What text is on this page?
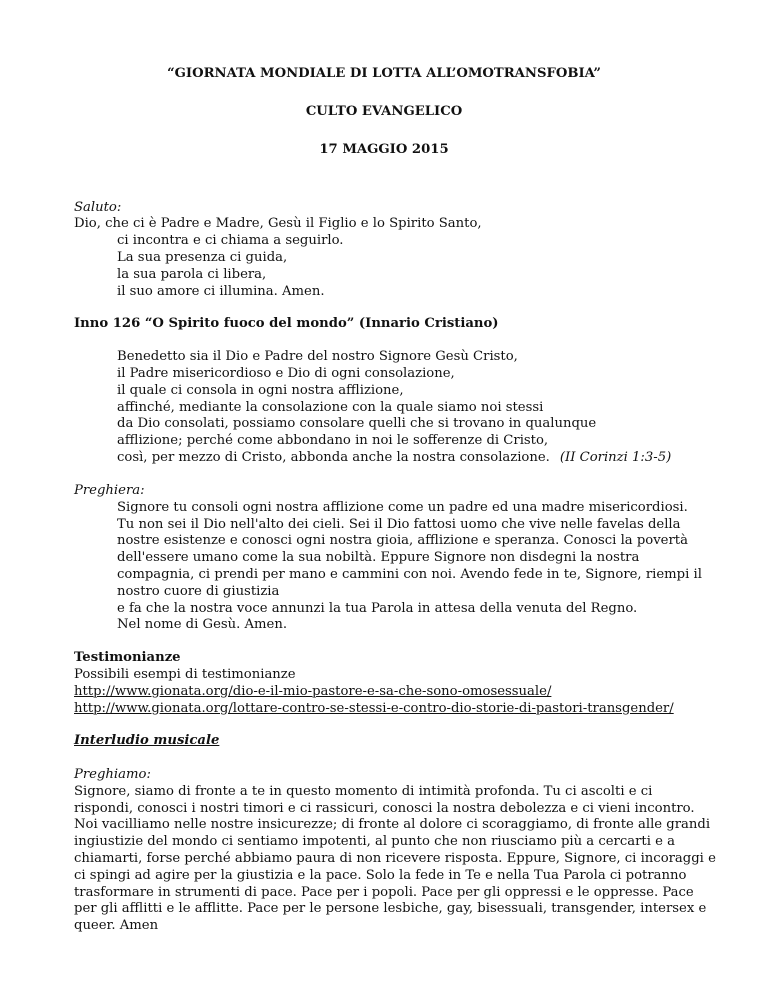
“GIORNATA MONDIALE DI LOTTA ALL’OMOTRANSFOBIA”
CULTO EVANGELICO
17 MAGGIO 2015
Saluto:
Dio, che ci è Padre e Madre, Gesù il Figlio e lo Spirito Santo,
ci incontra e ci chiama a seguirlo.
La sua presenza ci guida,
la sua parola ci libera,
il suo amore ci illumina. Amen.
Inno 126 “O Spirito fuoco del mondo” (Innario Cristiano)
Benedetto sia il Dio e Padre del nostro Signore Gesù Cristo,
il Padre misericordioso e Dio di ogni consolazione,
il quale ci consola in ogni nostra afflizione,
affinché, mediante la consolazione con la quale siamo noi stessi
da Dio consolati, possiamo consolare quelli che si trovano in qualunque
afflizione; perché come abbondano in noi le sofferenze di Cristo,
così, per mezzo di Cristo, abbonda anche la nostra consolazione. (II Corinzi 1:3-5)
Preghiera:
Signore tu consoli ogni nostra afflizione come un padre ed una madre misericordiosi.
Tu non sei il Dio nell'alto dei cieli. Sei il Dio fattosi uomo che vive nelle favelas della
nostre esistenze e conosci ogni nostra gioia, afflizione e speranza. Conosci la povertà
dell'essere umano come la sua nobiltà. Eppure Signore non disdegni la nostra
compagnia, ci prendi per mano e cammini con noi. Avendo fede in te, Signore, riempi il
nostro cuore di giustizia
e fa che la nostra voce annunzi la tua Parola in attesa della venuta del Regno.
Nel nome di Gesù. Amen.
Testimonianze
Possibili esempi di testimonianze
http://www.gionata.org/dio-e-il-mio-pastore-e-sa-che-sono-omosessuale/
http://www.gionata.org/lottare-contro-se-stessi-e-contro-dio-storie-di-pastori-transgender/
Interludio musicale
Preghiamo:
Signore, siamo di fronte a te in questo momento di intimità profonda. Tu ci ascolti e ci
rispondi, conosci i nostri timori e ci rassicuri, conosci la nostra debolezza e ci vieni incontro.
Noi vacilliamo nelle nostre insicurezze; di fronte al dolore ci scoraggiamo, di fronte alle grandi
ingiustizie del mondo ci sentiamo impotenti, al punto che non riusciamo più a cercarti e a
chiamarti, forse perché abbiamo paura di non ricevere risposta. Eppure, Signore, ci incoraggi e
ci spingi ad agire per la giustizia e la pace. Solo la fede in Te e nella Tua Parola ci potranno
trasformare in strumenti di pace. Pace per i popoli. Pace per gli oppressi e le oppresse. Pace
per gli afflitti e le afflitte. Pace per le persone lesbiche, gay, bisessuali, transgender, intersex e
queer. Amen
